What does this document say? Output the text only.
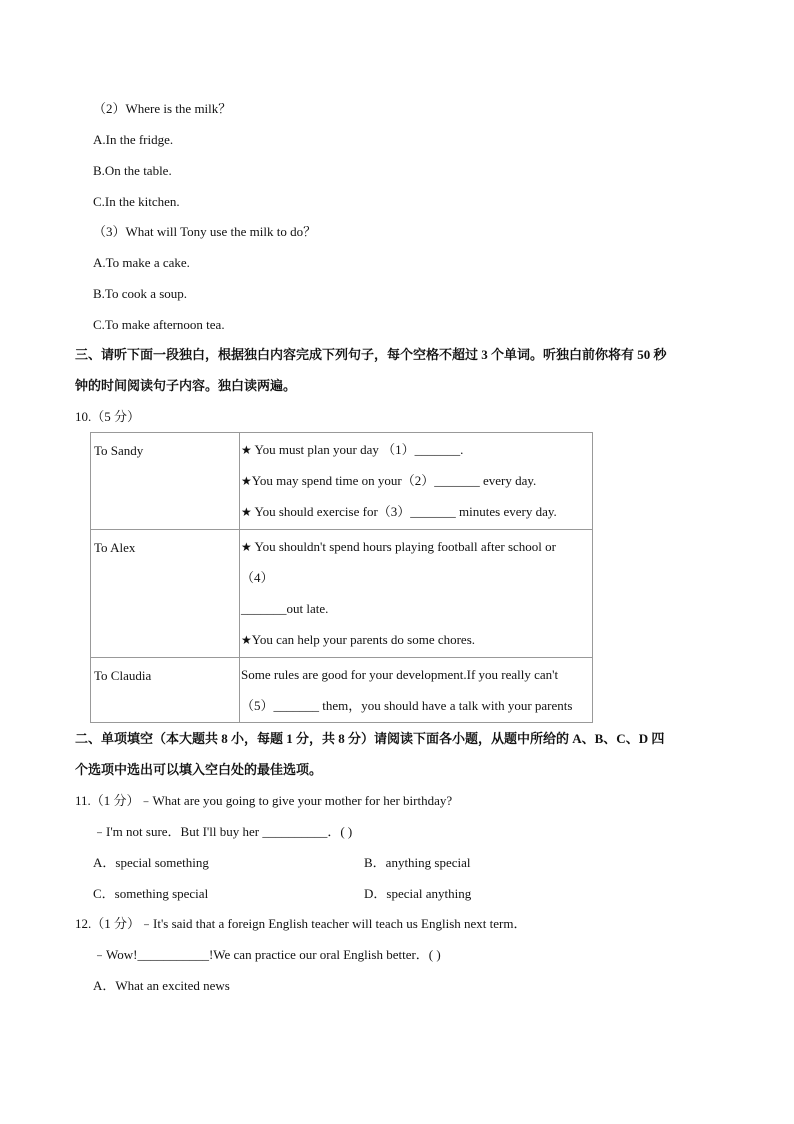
（2）Where is the milk？
A.In the fridge.
B.On the table.
C.In the kitchen.
（3）What will Tony use the milk to do？
A.To make a cake.
B.To cook a soup.
C.To make afternoon tea.
三、请听下面一段独白，根据独白内容完成下列句子，每个空格不超过 3 个单词。听独白前你将有 50 秒
钟的时间阅读句子内容。独白读两遍。
10.（5 分）
To Sandy	★ You must plan your day （1）_______.
★You may spend time on your（2）_______ every day.
★ You should exercise for（3）_______ minutes every day.

To Alex	★ You shouldn't spend hours playing football after school or
（4）
_______out late.
★You can help your parents do some chores.

To Claudia	Some rules are good for your development.If you really can't
（5）_______ them，you should have a talk with your parents
二、单项填空（本大题共 8 小，每题 1 分，共 8 分）请阅读下面各小题，从题中所给的 A、B、C、D 四
个选项中选出可以填入空白处的最佳选项。
11.（1 分）﹣What are you going to give your mother for her birthday?
﹣I'm not sure．But I'll buy her __________．( )
A．special something	B．anything special
C．something special	D．special anything
12.（1 分）﹣It's said that a foreign English teacher will teach us English next term．
﹣Wow!___________!We can practice our oral English better．( )
A．What an excited news
